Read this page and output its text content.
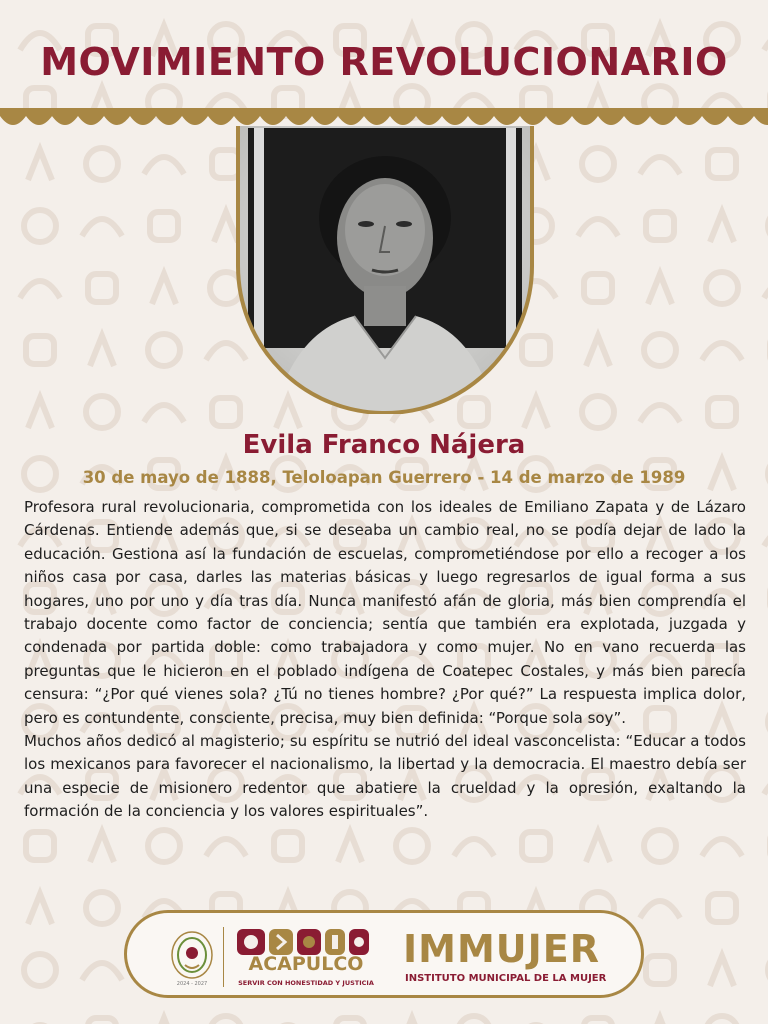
MOVIMIENTO REVOLUCIONARIO
Evila Franco Nájera
30 de mayo de 1888, Teloloapan Guerrero - 14 de marzo de 1989

Profesora rural revolucionaria, comprometida con los ideales de Emiliano Zapata y de Lázaro Cárdenas. Entiende además que, si se deseaba un cambio real, no se podía dejar de lado la educación. Gestiona así la fundación de escuelas, comprometiéndose por ello a recoger a los niños casa por casa, darles las materias básicas y luego regresarlos de igual forma a sus hogares, uno por uno y día tras día. Nunca manifestó afán de gloria, más bien comprendía el trabajo docente como factor de conciencia; sentía que también era explotada, juzgada y condenada por partida doble: como trabajadora y como mujer. No en vano recuerda las preguntas que le hicieron en el poblado indígena de Coatepec Costales, y más bien parecía censura: “¿Por qué vienes sola? ¿Tú no tienes hombre? ¿Por qué?” La respuesta implica dolor, pero es contundente, consciente, precisa, muy bien definida: “Porque sola soy”.

Muchos años dedicó al magisterio; su espíritu se nutrió del ideal vasconcelista: “Educar a todos los mexicanos para favorecer el nacionalismo, la libertad y la democracia. El maestro debía ser una especie de misionero redentor que abatiere la crueldad y la opresión, exaltando la formación de la conciencia y los valores espirituales”.

2024 - 2027
ACAPULCO
SERVIR CON HONESTIDAD Y JUSTICIA
IMMUJER
INSTITUTO MUNICIPAL DE LA MUJER
